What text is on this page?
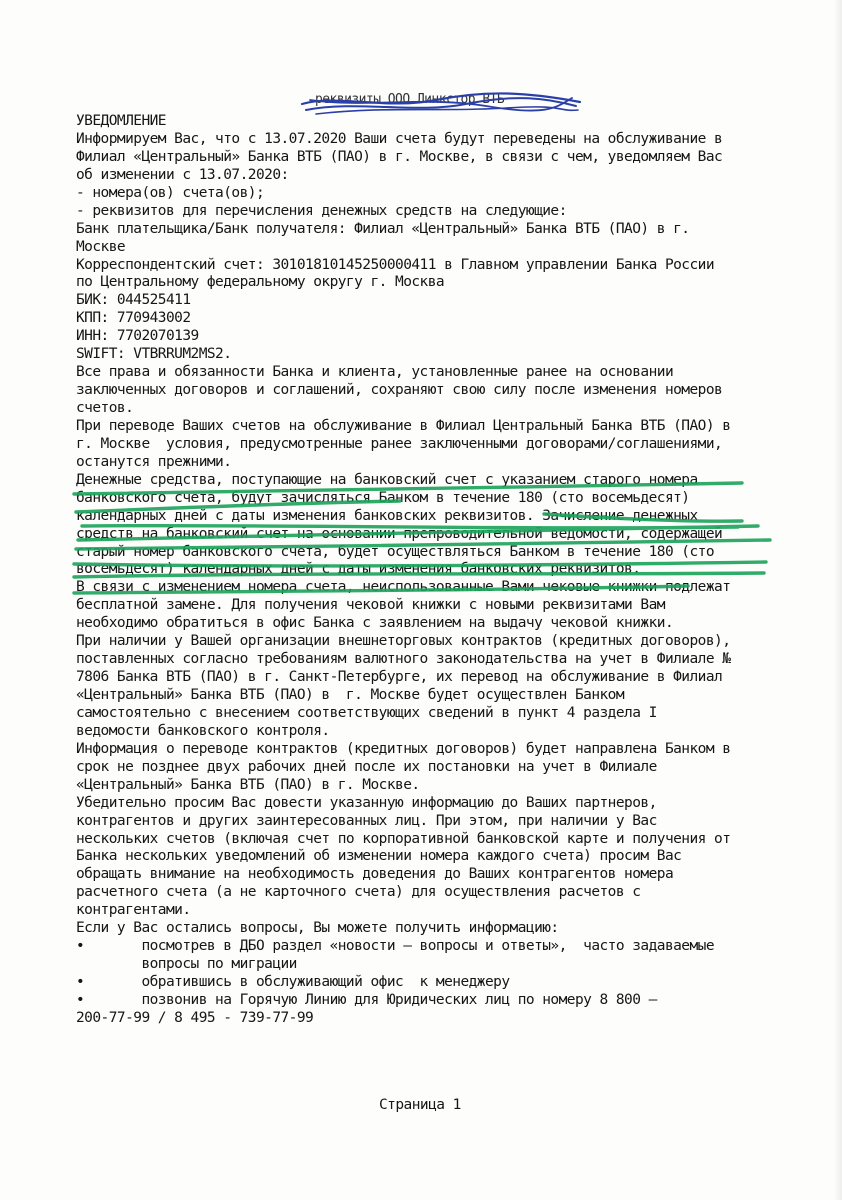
реквизиты ООО Линкстор ВТБ
УВЕДОМЛЕНИЕ
Информируем Вас, что с 13.07.2020 Ваши счета будут переведены на обслуживание в
Филиал «Центральный» Банка ВТБ (ПАО) в г. Москве, в связи с чем, уведомляем Вас
об изменении с 13.07.2020:
- номера(ов) счета(ов);
- реквизитов для перечисления денежных средств на следующие:
Банк плательщика/Банк получателя: Филиал «Центральный» Банка ВТБ (ПАО) в г.
Москве
Корреспондентский счет: 30101810145250000411 в Главном управлении Банка России
по Центральному федеральному округу г. Москва
БИК: 044525411
КПП: 770943002
ИНН: 7702070139
SWIFT: VTBRRUM2MS2.
Все права и обязанности Банка и клиента, установленные ранее на основании
заключенных договоров и соглашений, сохраняют свою силу после изменения номеров
счетов.
При переводе Ваших счетов на обслуживание в Филиал Центральный Банка ВТБ (ПАО) в
г. Москве  условия, предусмотренные ранее заключенными договорами/соглашениями,
останутся прежними.
Денежные средства, поступающие на банковский счет с указанием старого номера
банковского счета, будут зачисляться Банком в течение 180 (сто восемьдесят)
календарных дней с даты изменения банковских реквизитов. Зачисление денежных
средств на банковский счет на основании препроводительной ведомости, содержащей
старый номер банковского счета, будет осуществляться Банком в течение 180 (сто
восемьдесят) календарных дней с даты изменения банковских реквизитов.
В связи с изменением номера счета, неиспользованные Вами чековые книжки подлежат
бесплатной замене. Для получения чековой книжки с новыми реквизитами Вам
необходимо обратиться в офис Банка с заявлением на выдачу чековой книжки.
При наличии у Вашей организации внешнеторговых контрактов (кредитных договоров),
поставленных согласно требованиям валютного законодательства на учет в Филиале №
7806 Банка ВТБ (ПАО) в г. Санкт-Петербурге, их перевод на обслуживание в Филиал
«Центральный» Банка ВТБ (ПАО) в  г. Москве будет осуществлен Банком
самостоятельно с внесением соответствующих сведений в пункт 4 раздела I
ведомости банковского контроля.
Информация о переводе контрактов (кредитных договоров) будет направлена Банком в
срок не позднее двух рабочих дней после их постановки на учет в Филиале
«Центральный» Банка ВТБ (ПАО) в г. Москве.
Убедительно просим Вас довести указанную информацию до Ваших партнеров,
контрагентов и других заинтересованных лиц. При этом, при наличии у Вас
нескольких счетов (включая счет по корпоративной банковской карте и получения от
Банка нескольких уведомлений об изменении номера каждого счета) просим Вас
обращать внимание на необходимость доведения до Ваших контрагентов номера
расчетного счета (а не карточного счета) для осуществления расчетов с
контрагентами.
Если у Вас остались вопросы, Вы можете получить информацию:
•       посмотрев в ДБО раздел «новости – вопросы и ответы»,  часто задаваемые
вопросы по миграции
•       обратившись в обслуживающий офис  к менеджеру
•       позвонив на Горячую Линию для Юридических лиц по номеру 8 800 –
200-77-99 / 8 495 - 739-77-99
Страница 1
